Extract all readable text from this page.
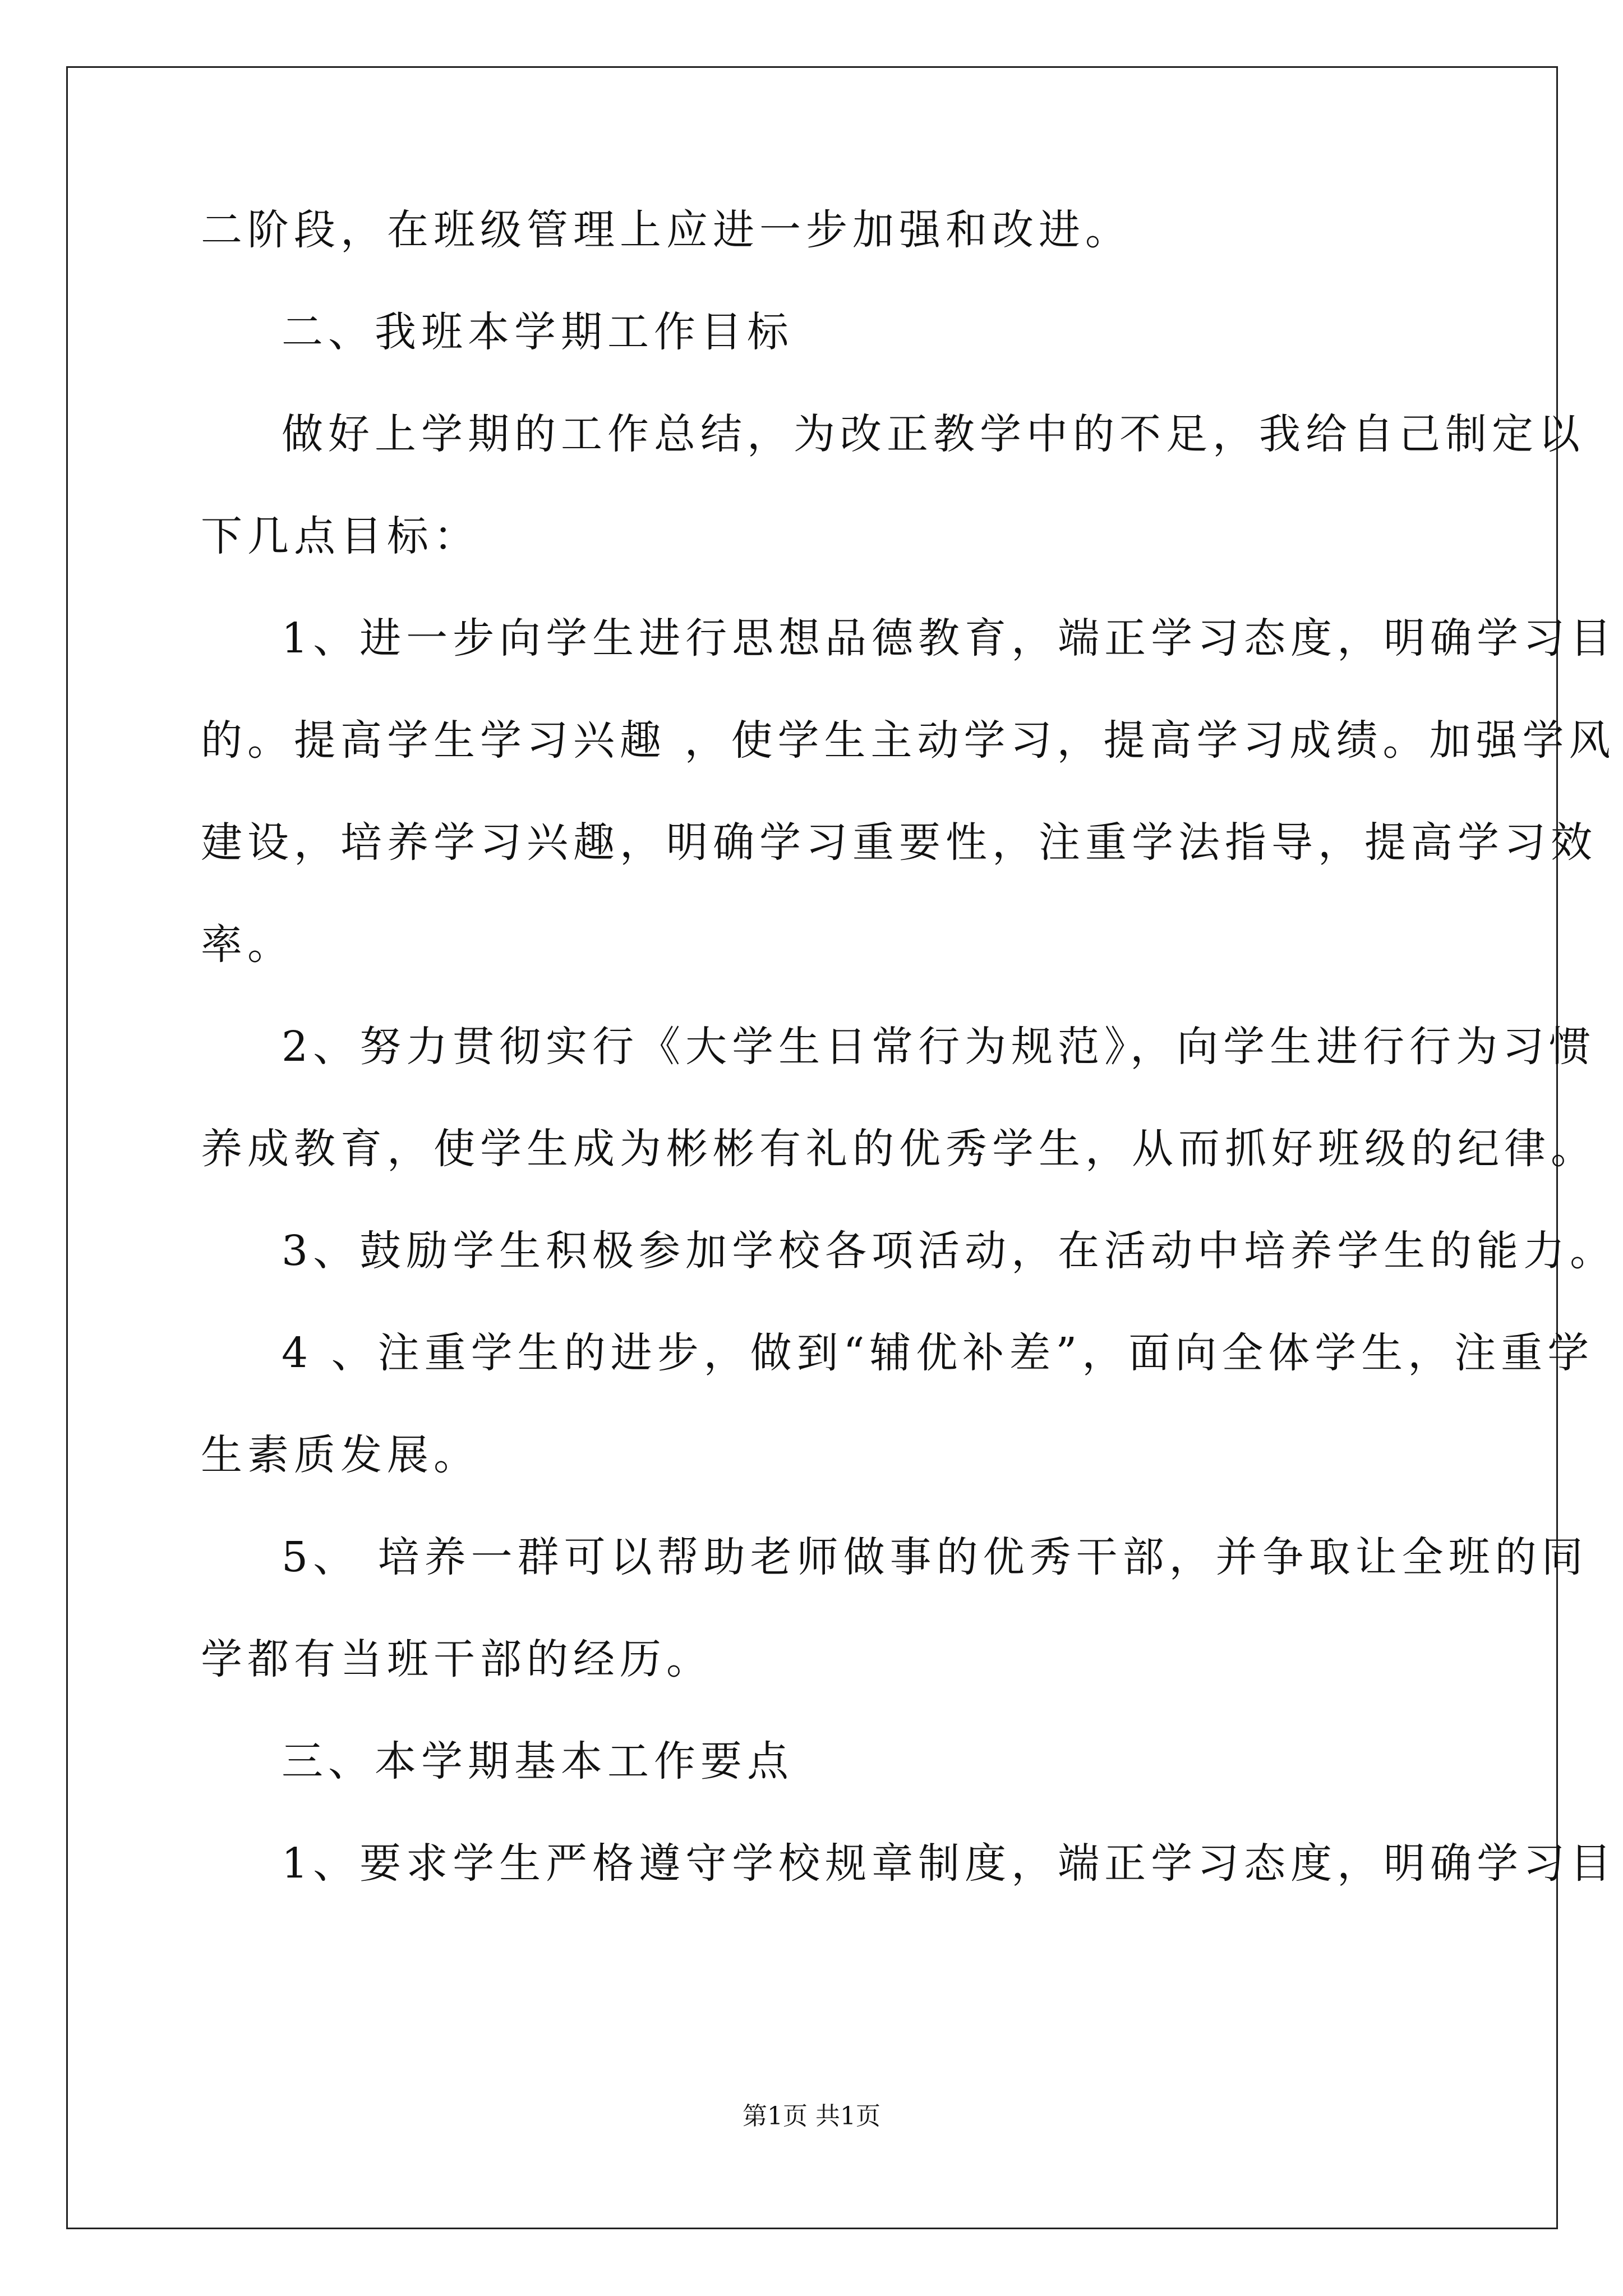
二阶段，在班级管理上应进一步加强和改进。
二、我班本学期工作目标
做好上学期的工作总结，为改正教学中的不足，我给自己制定以
下几点目标：
1、进一步向学生进行思想品德教育，端正学习态度，明确学习目
的。提高学生学习兴趣 ，使学生主动学习，提高学习成绩。加强学风
建设，培养学习兴趣，明确学习重要性，注重学法指导，提高学习效
率。
2、努力贯彻实行《大学生日常行为规范》，向学生进行行为习惯
养成教育，使学生成为彬彬有礼的优秀学生，从而抓好班级的纪律。
3、鼓励学生积极参加学校各项活动，在活动中培养学生的能力。
4 、注重学生的进步，做到“辅优补差”，面向全体学生，注重学
生素质发展。
5、 培养一群可以帮助老师做事的优秀干部，并争取让全班的同
学都有当班干部的经历。
三、本学期基本工作要点
1、要求学生严格遵守学校规章制度，端正学习态度，明确学习目
第1页 共1页
